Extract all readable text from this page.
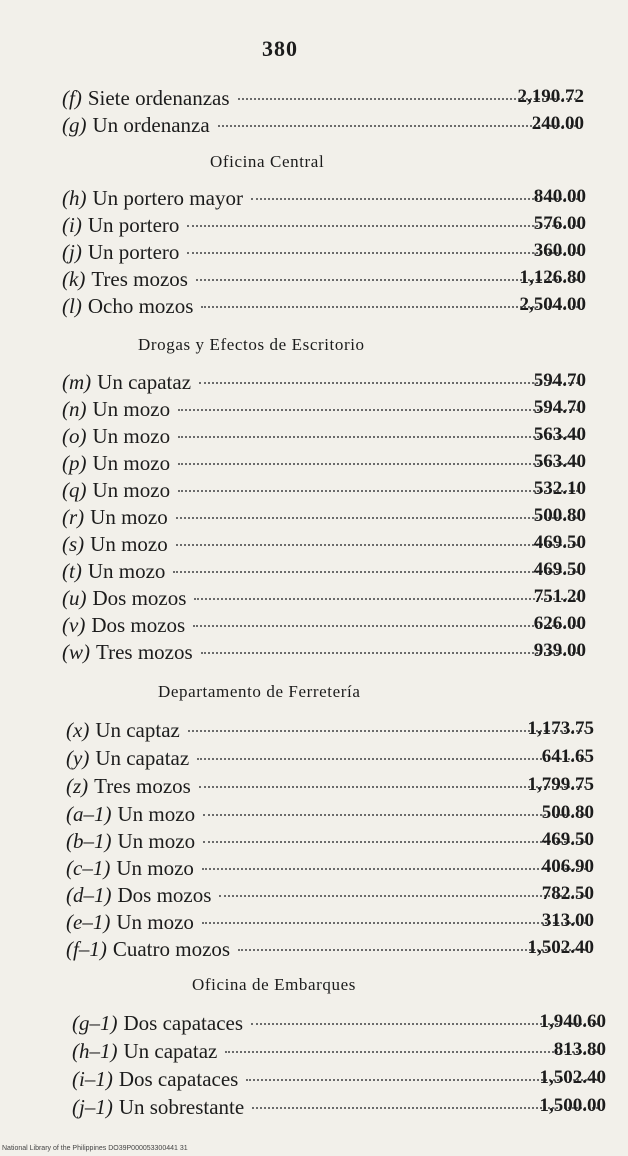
380
(f) Siete ordenanzas	2,190.72
(g) Un ordenanza	240.00
Oficina Central
(h) Un portero mayor	840.00
(i) Un portero	576.00
(j) Un portero	360.00
(k) Tres mozos	1,126.80
(l) Ocho mozos	2,504.00
Drogas y Efectos de Escritorio
(m) Un capataz	594.70
(n) Un mozo	594.70
(o) Un mozo	563.40
(p) Un mozo	563.40
(q) Un mozo	532.10
(r) Un mozo	500.80
(s) Un mozo	469.50
(t) Un mozo	469.50
(u) Dos mozos	751.20
(v) Dos mozos	626.00
(w) Tres mozos	939.00
Departamento de Ferretería
(x) Un captaz	1,173.75
(y) Un capataz	641.65
(z) Tres mozos	1,799.75
(a–1) Un mozo	500.80
(b–1) Un mozo	469.50
(c–1) Un mozo	406.90
(d–1) Dos mozos	782.50
(e–1) Un mozo	313.00
(f–1) Cuatro mozos	1,502.40
Oficina de Embarques
(g–1) Dos capataces	1,940.60
(h–1) Un capataz	813.80
(i–1) Dos capataces	1,502.40
(j–1) Un sobrestante	1,500.00
National Library of the Philippines DO39P000053300441 31
